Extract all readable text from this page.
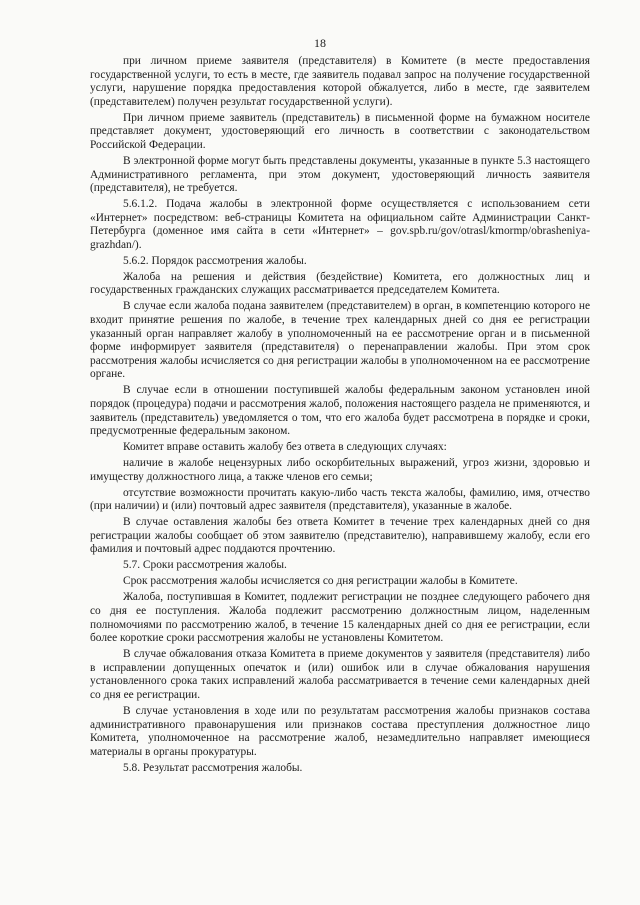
18

при личном приеме заявителя (представителя) в Комитете (в месте предоставления государственной услуги, то есть в месте, где заявитель подавал запрос на получение государственной услуги, нарушение порядка предоставления которой обжалуется, либо в месте, где заявителем (представителем) получен результат государственной услуги).

При личном приеме заявитель (представитель) в письменной форме на бумажном носителе представляет документ, удостоверяющий его личность в соответствии с законодательством Российской Федерации.

В электронной форме могут быть представлены документы, указанные в пункте 5.3 настоящего Административного регламента, при этом документ, удостоверяющий личность заявителя (представителя), не требуется.

5.6.1.2. Подача жалобы в электронной форме осуществляется с использованием сети «Интернет» посредством: веб-страницы Комитета на официальном сайте Администрации Санкт-Петербурга (доменное имя сайта в сети «Интернет» – gov.spb.ru/gov/otrasl/kmormp/obrasheniya-grazhdan/).

5.6.2. Порядок рассмотрения жалобы.

Жалоба на решения и действия (бездействие) Комитета, его должностных лиц и государственных гражданских служащих рассматривается председателем Комитета.

В случае если жалоба подана заявителем (представителем) в орган, в компетенцию которого не входит принятие решения по жалобе, в течение трех календарных дней со дня ее регистрации указанный орган направляет жалобу в уполномоченный на ее рассмотрение орган и в письменной форме информирует заявителя (представителя) о перенаправлении жалобы. При этом срок рассмотрения жалобы исчисляется со дня регистрации жалобы в уполномоченном на ее рассмотрение органе.

В случае если в отношении поступившей жалобы федеральным законом установлен иной порядок (процедура) подачи и рассмотрения жалоб, положения настоящего раздела не применяются, и заявитель (представитель) уведомляется о том, что его жалоба будет рассмотрена в порядке и сроки, предусмотренные федеральным законом.

Комитет вправе оставить жалобу без ответа в следующих случаях:

наличие в жалобе нецензурных либо оскорбительных выражений, угроз жизни, здоровью и имуществу должностного лица, а также членов его семьи;

отсутствие возможности прочитать какую-либо часть текста жалобы, фамилию, имя, отчество (при наличии) и (или) почтовый адрес заявителя (представителя), указанные в жалобе.

В случае оставления жалобы без ответа Комитет в течение трех календарных дней со дня регистрации жалобы сообщает об этом заявителю (представителю), направившему жалобу, если его фамилия и почтовый адрес поддаются прочтению.

5.7. Сроки рассмотрения жалобы.

Срок рассмотрения жалобы исчисляется со дня регистрации жалобы в Комитете.

Жалоба, поступившая в Комитет, подлежит регистрации не позднее следующего рабочего дня со дня ее поступления. Жалоба подлежит рассмотрению должностным лицом, наделенным полномочиями по рассмотрению жалоб, в течение 15 календарных дней со дня ее регистрации, если более короткие сроки рассмотрения жалобы не установлены Комитетом.

В случае обжалования отказа Комитета в приеме документов у заявителя (представителя) либо в исправлении допущенных опечаток и (или) ошибок или в случае обжалования нарушения установленного срока таких исправлений жалоба рассматривается в течение семи календарных дней со дня ее регистрации.

В случае установления в ходе или по результатам рассмотрения жалобы признаков состава административного правонарушения или признаков состава преступления должностное лицо Комитета, уполномоченное на рассмотрение жалоб, незамедлительно направляет имеющиеся материалы в органы прокуратуры.

5.8. Результат рассмотрения жалобы.
